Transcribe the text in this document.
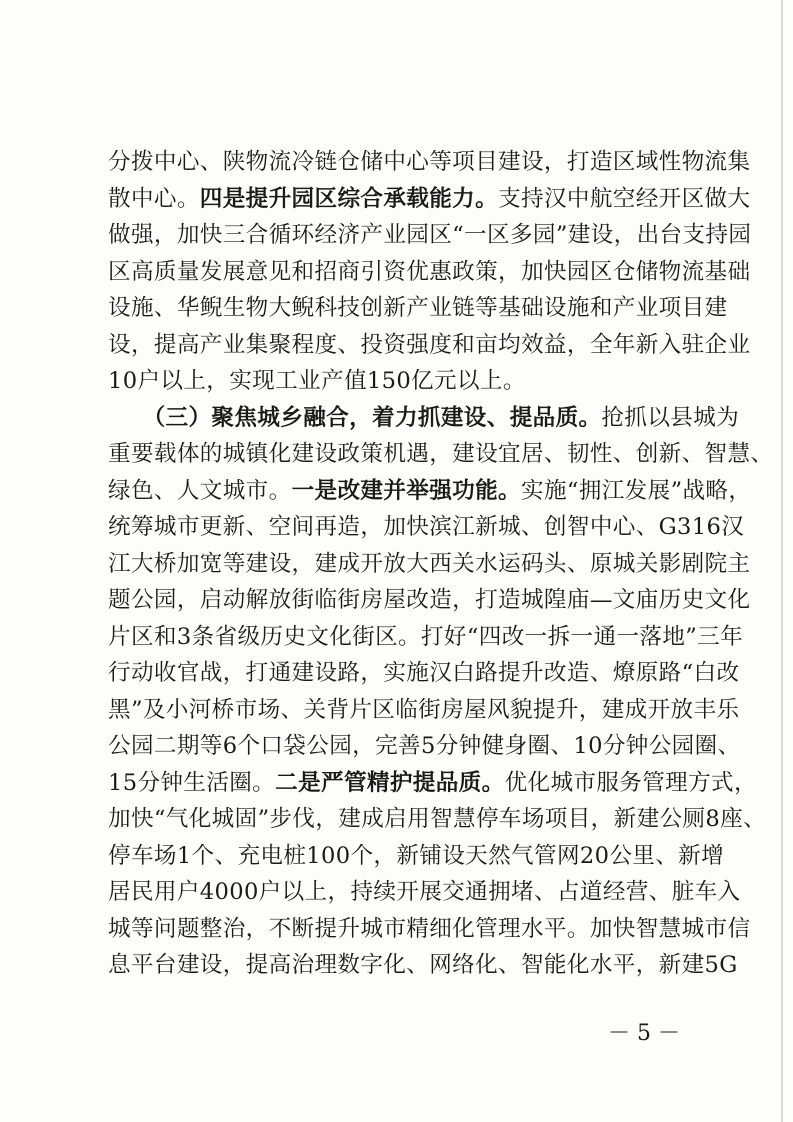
分拨中心、陕物流冷链仓储中心等项目建设，打造区域性物流集
散中心。四是提升园区综合承载能力。支持汉中航空经开区做大
做强，加快三合循环经济产业园区“一区多园”建设，出台支持园
区高质量发展意见和招商引资优惠政策，加快园区仓储物流基础
设施、华鲵生物大鲵科技创新产业链等基础设施和产业项目建
设，提高产业集聚程度、投资强度和亩均效益，全年新入驻企业
10户以上，实现工业产值150亿元以上。
　　（三）聚焦城乡融合，着力抓建设、提品质。抢抓以县城为
重要载体的城镇化建设政策机遇，建设宜居、韧性、创新、智慧、
绿色、人文城市。一是改建并举强功能。实施“拥江发展”战略，
统筹城市更新、空间再造，加快滨江新城、创智中心、G316汉
江大桥加宽等建设，建成开放大西关水运码头、原城关影剧院主
题公园，启动解放街临街房屋改造，打造城隍庙—文庙历史文化
片区和3条省级历史文化街区。打好“四改一拆一通一落地”三年
行动收官战，打通建设路，实施汉白路提升改造、燎原路“白改
黑”及小河桥市场、关背片区临街房屋风貌提升，建成开放丰乐
公园二期等6个口袋公园，完善5分钟健身圈、10分钟公园圈、
15分钟生活圈。二是严管精护提品质。优化城市服务管理方式，
加快“气化城固”步伐，建成启用智慧停车场项目，新建公厕8座、
停车场1个、充电桩100个，新铺设天然气管网20公里、新增
居民用户4000户以上，持续开展交通拥堵、占道经营、脏车入
城等问题整治，不断提升城市精细化管理水平。加快智慧城市信
息平台建设，提高治理数字化、网络化、智能化水平，新建5G
－ 5 －
